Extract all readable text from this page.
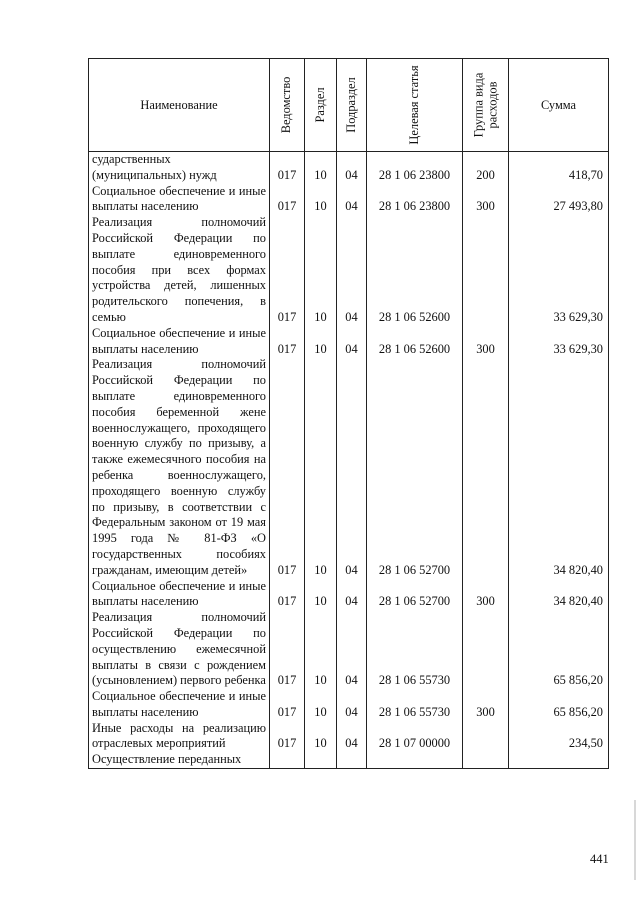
Наименование	Ведомство	Раздел	Подраздел	Целевая статья	Группа вида расходов	Сумма
сударственных (муниципальных) нужд	017	10	04	28 1 06 23800	200	418,70
Социальное обеспечение и иные выплаты населению	017	10	04	28 1 06 23800	300	27 493,80
Реализация полномочий Российской Федерации по выплате единовременного пособия при всех формах устройства детей, лишенных родительского попечения, в семью	017	10	04	28 1 06 52600		33 629,30
Социальное обеспечение и иные выплаты населению	017	10	04	28 1 06 52600	300	33 629,30
Реализация полномочий Российской Федерации по выплате единовременного пособия беременной жене военнослужащего, проходящего военную службу по призыву, а также ежемесячного пособия на ребенка военнослужащего, проходящего военную службу по призыву, в соответствии с Федеральным законом от 19 мая 1995 года № 81-ФЗ «О государственных пособиях гражданам, имеющим детей»	017	10	04	28 1 06 52700		34 820,40
Социальное обеспечение и иные выплаты населению	017	10	04	28 1 06 52700	300	34 820,40
Реализация полномочий Российской Федерации по осуществлению ежемесячной выплаты в связи с рождением (усыновлением) первого ребенка	017	10	04	28 1 06 55730		65 856,20
Социальное обеспечение и иные выплаты населению	017	10	04	28 1 06 55730	300	65 856,20
Иные расходы на реализацию отраслевых мероприятий	017	10	04	28 1 07 00000		234,50
Осуществление переданных						
441
